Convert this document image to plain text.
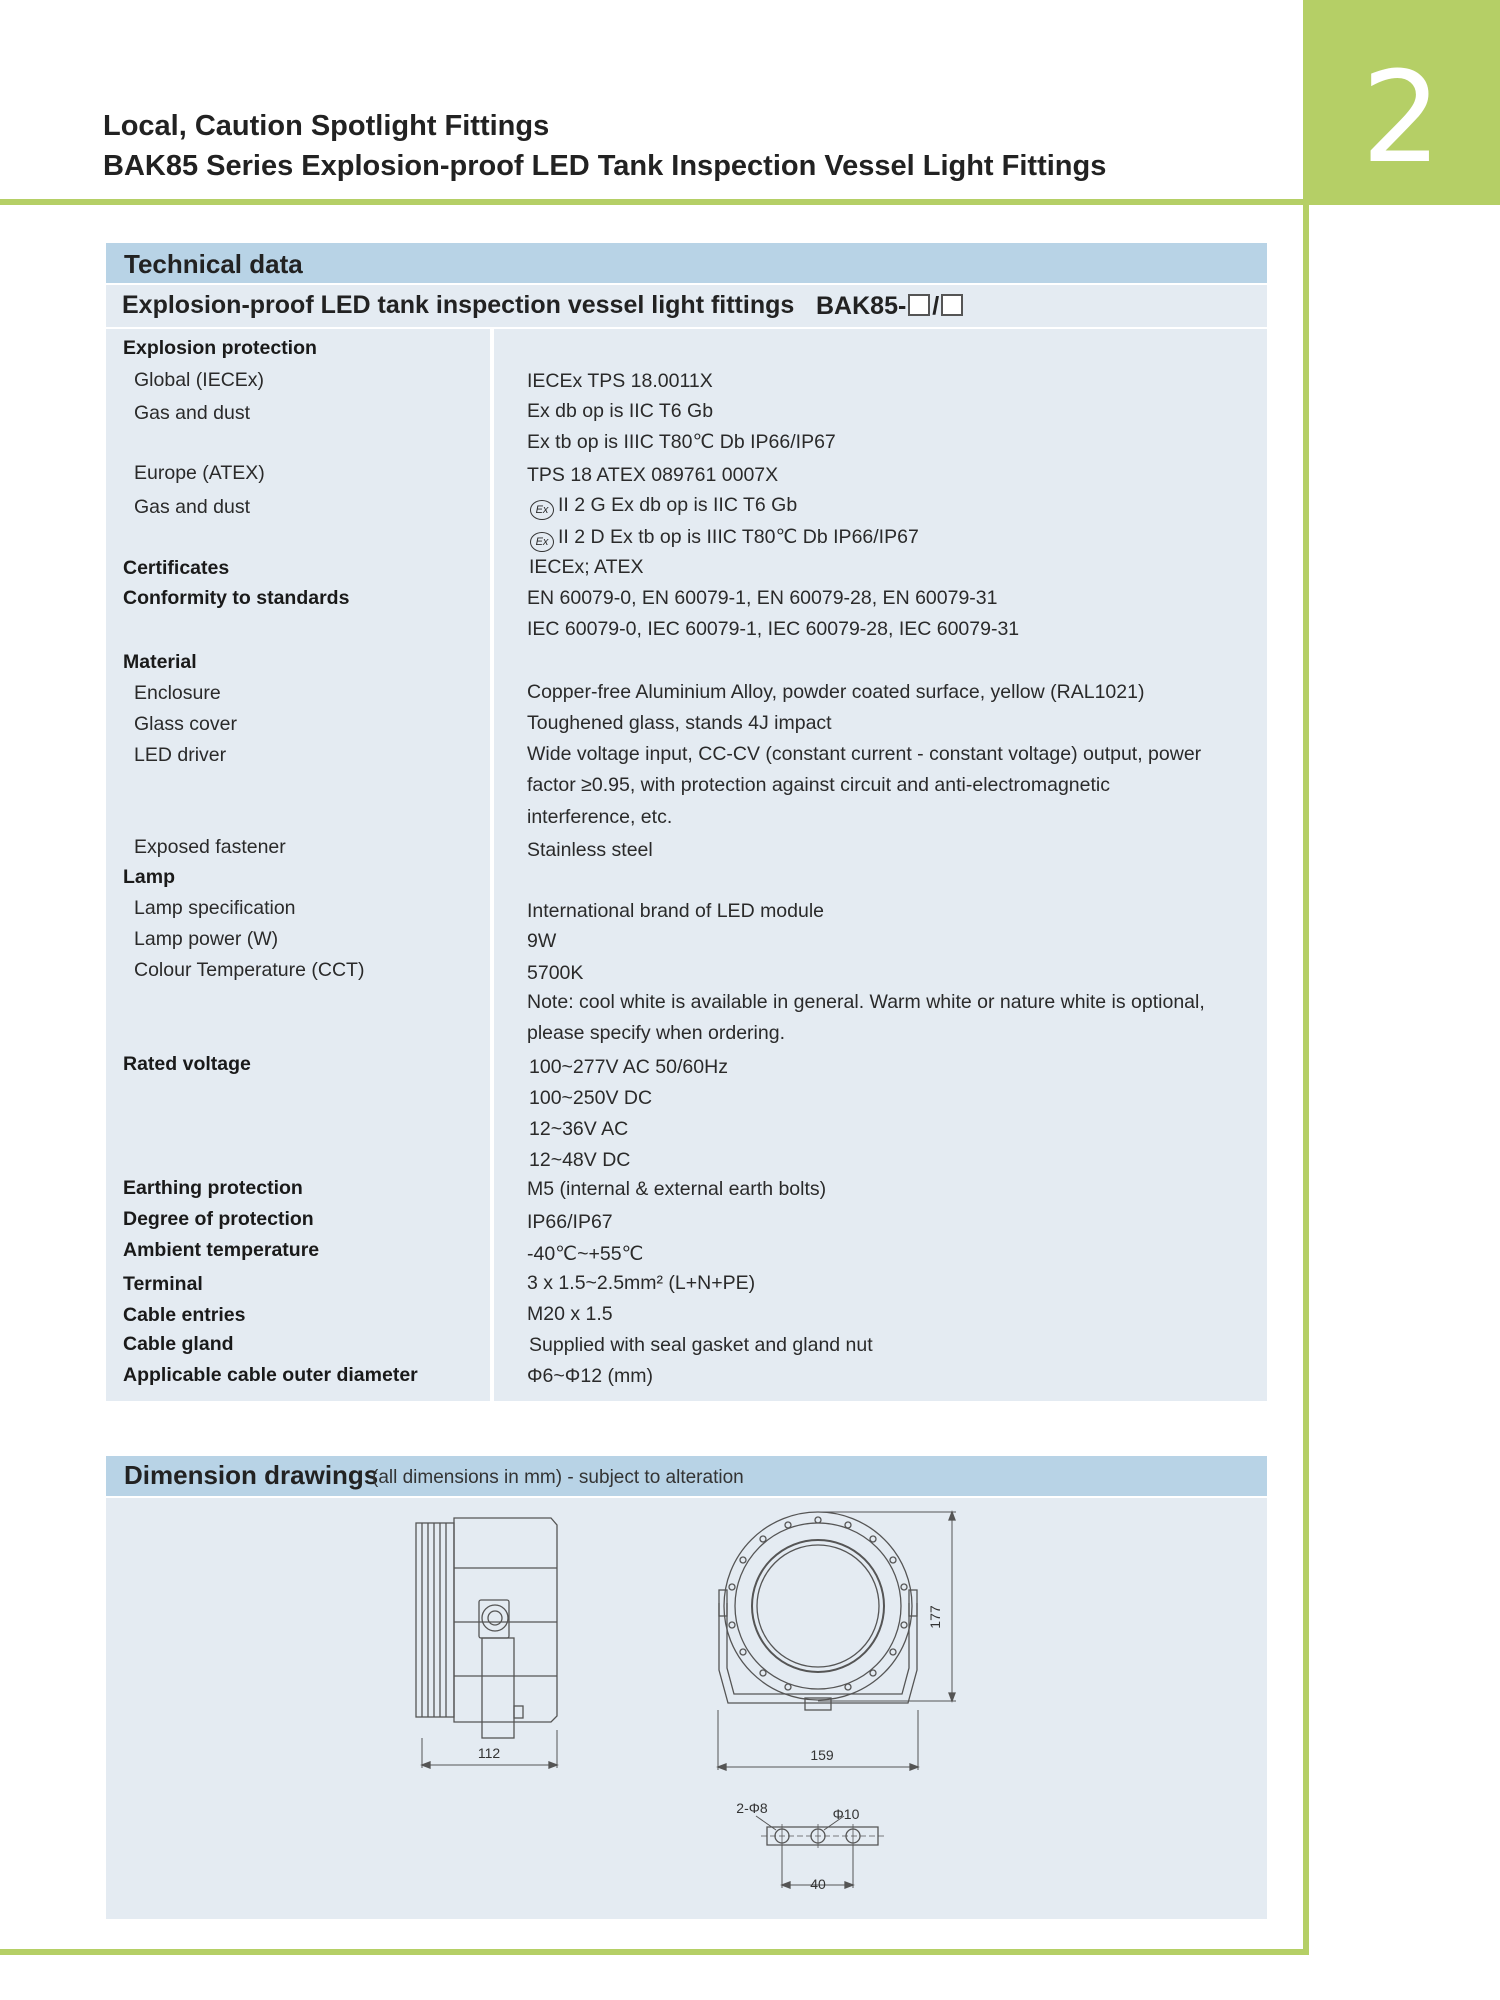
2
Local, Caution Spotlight Fittings
BAK85 Series Explosion-proof LED Tank Inspection Vessel Light Fittings
Technical data
Explosion-proof LED tank inspection vessel light fittings BAK85- /
Explosion protection
Global (IECEx)
Gas and dust
Europe (ATEX)
Gas and dust
Certificates
Conformity to standards
Material
Enclosure
Glass cover
LED driver
Exposed fastener
Lamp
Lamp specification
Lamp power (W)
Colour Temperature (CCT)
Rated voltage
Earthing protection
Degree of protection
Ambient temperature
Terminal
Cable entries
Cable gland
Applicable cable outer diameter
IECEx TPS 18.0011X
Ex db op is IIC T6 Gb
Ex tb op is IIIC T80℃ Db IP66/IP67
TPS 18 ATEX 089761 0007X
Ex II 2 G Ex db op is IIC T6 Gb
Ex II 2 D Ex tb op is IIIC T80℃ Db IP66/IP67
IECEx; ATEX
EN 60079-0, EN 60079-1, EN 60079-28, EN 60079-31
IEC 60079-0, IEC 60079-1, IEC 60079-28, IEC 60079-31
Copper-free Aluminium Alloy, powder coated surface, yellow (RAL1021)
Toughened glass, stands 4J impact
Wide voltage input, CC-CV (constant current - constant voltage) output, power
factor ≥0.95, with protection against circuit and anti-electromagnetic
interference, etc.
Stainless steel
International brand of LED module
9W
5700K
Note: cool white is available in general. Warm white or nature white is optional,
please specify when ordering.
100~277V AC 50/60Hz
100~250V DC
12~36V AC
12~48V DC
M5 (internal & external earth bolts)
IP66/IP67
-40℃~+55℃
3 x 1.5~2.5mm² (L+N+PE)
M20 x 1.5
Supplied with seal gasket and gland nut
Φ6~Φ12 (mm)
Dimension drawings
(all dimensions in mm) - subject to alteration
112	159
177
2-Φ8	Φ10
40
